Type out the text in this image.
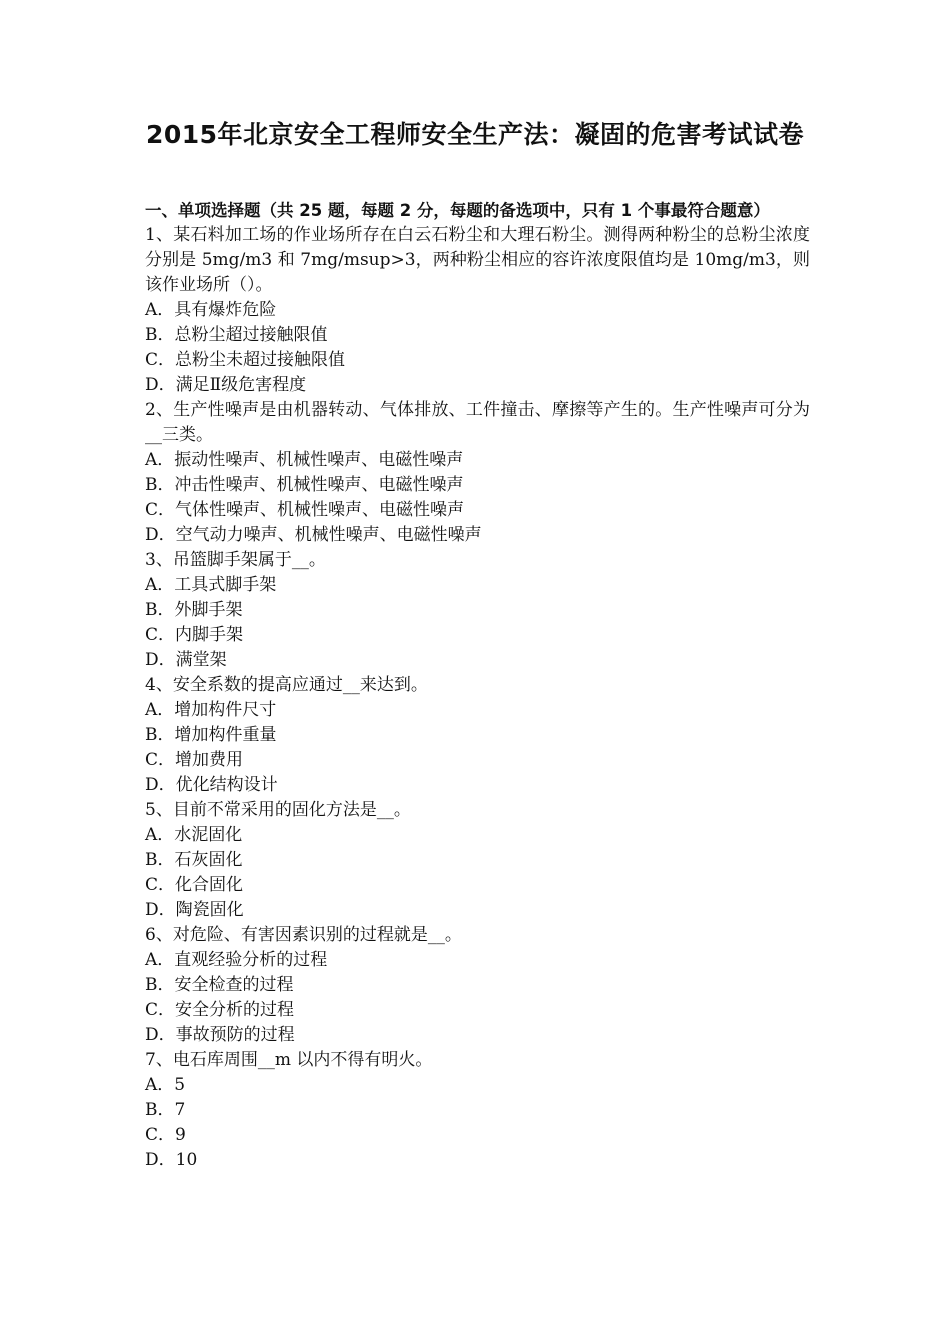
2015年北京安全工程师安全生产法：凝固的危害考试试卷

一、单项选择题（共 25 题，每题 2 分，每题的备选项中，只有 1 个事最符合题意）

1、某石料加工场的作业场所存在白云石粉尘和大理石粉尘。测得两种粉尘的总粉尘浓度分别是 5mg/m3 和 7mg/msup>3，两种粉尘相应的容许浓度限值均是 10mg/m3，则该作业场所（）。

A．具有爆炸危险

B．总粉尘超过接触限值

C．总粉尘未超过接触限值

D．满足Ⅱ级危害程度

2、生产性噪声是由机器转动、气体排放、工件撞击、摩擦等产生的。生产性噪声可分为__三类。

A．振动性噪声、机械性噪声、电磁性噪声

B．冲击性噪声、机械性噪声、电磁性噪声

C．气体性噪声、机械性噪声、电磁性噪声

D．空气动力噪声、机械性噪声、电磁性噪声

3、吊篮脚手架属于__。

A．工具式脚手架

B．外脚手架

C．内脚手架

D．满堂架

4、安全系数的提高应通过__来达到。

A．增加构件尺寸

B．增加构件重量

C．增加费用

D．优化结构设计

5、目前不常采用的固化方法是__。

A．水泥固化

B．石灰固化

C．化合固化

D．陶瓷固化

6、对危险、有害因素识别的过程就是__。

A．直观经验分析的过程

B．安全检查的过程

C．安全分析的过程

D．事故预防的过程

7、电石库周围__m 以内不得有明火。

A．5

B．7

C．9

D．10
